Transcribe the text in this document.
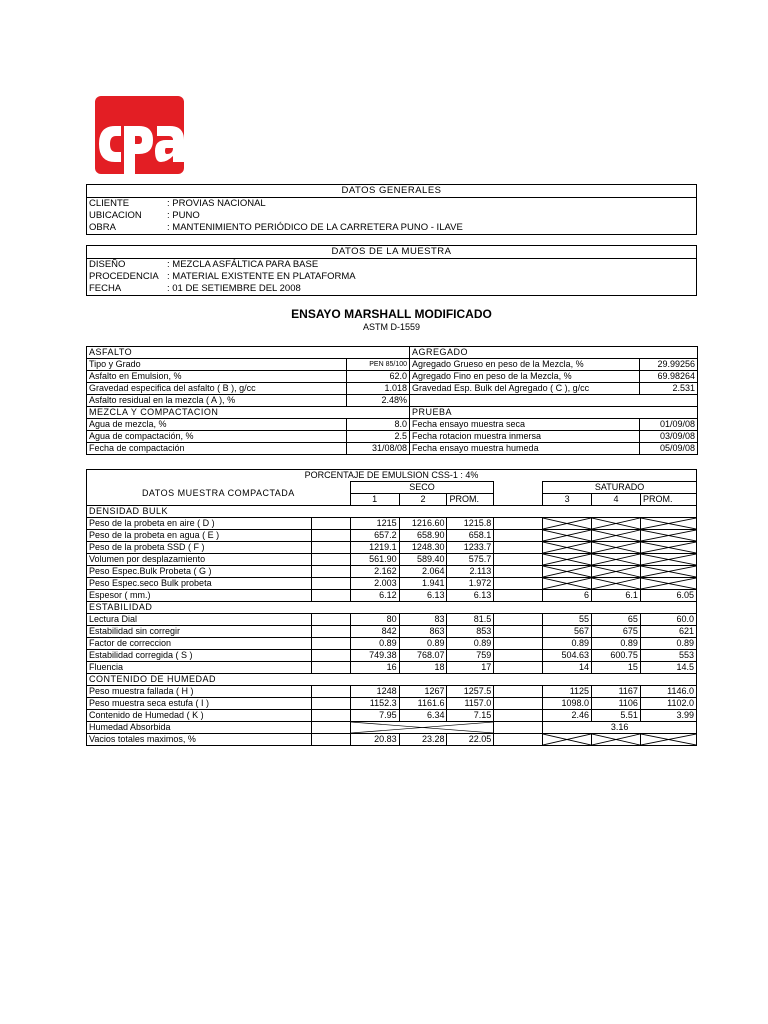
DATOS GENERALES
CLIENTE	: PROVIAS NACIONAL
UBICACION	: PUNO
OBRA	: MANTENIMIENTO PERIÓDICO DE LA CARRETERA PUNO - ILAVE
DATOS DE LA MUESTRA
DISEÑO	: MEZCLA ASFÁLTICA PARA BASE
PROCEDENCIA : MATERIAL EXISTENTE EN PLATAFORMA
FECHA	: 01 DE SETIEMBRE DEL 2008
ENSAYO MARSHALL MODIFICADO
ASTM D-1559
ASFALTO		AGREGADO	
Tipo y Grado	PEN 85/100	Agregado Grueso en peso de la Mezcla, %	29.99256
Asfalto en Emulsion, %	62.0	Agregado Fino en peso de la Mezcla, %	69.98264
Gravedad especifica del asfalto ( B ), g/cc	1.018	Gravedad Esp. Bulk del Agregado ( C ), g/cc	2.531
Asfalto residual en la mezcla ( A ), %	2.48%		
MEZCLA Y COMPACTACION		PRUEBA	
Agua de mezcla, %	8.0	Fecha ensayo muestra seca	01/09/08
Agua de compactación, %	2.5	Fecha rotacion muestra inmersa	03/09/08
Fecha de compactación	31/08/08	Fecha ensayo muestra humeda	05/09/08
PORCENTAJE DE EMULSION CSS-1 : 4%								
DATOS MUESTRA COMPACTADA		SECO				SATURADO		
		1	2	PROM.		3	4	PROM.
DENSIDAD BULK								
Peso de la probeta en aire ( D )		1215	1216.60	1215.8		

Peso de la probeta en agua ( E )		657.2	658.90	658.1		

Peso de la probeta SSD ( F )		1219.1	1248.30	1233.7		

Volumen por desplazamiento		561.90	589.40	575.7		

Peso Espec.Bulk Probeta ( G )		2.162	2.064	2.113		

Peso Espec.seco Bulk probeta		2.003	1.941	1.972		

Espesor ( mm.)		6.12	6.13	6.13		6	6.1	6.05
ESTABILIDAD								
Lectura Dial		80	83	81.5		55	65	60.0
Estabilidad sin corregir		842	863	853		567	675	621
Factor de correccion		0.89	0.89	0.89		0.89	0.89	0.89
Estabilidad corregida ( S )		749.38	768.07	759		504.63	600.75	553
Fluencia		16	18	17		14	15	14.5
CONTENIDO DE HUMEDAD								
Peso muestra fallada ( H )		1248	1267	1257.5		1125	1167	1146.0
Peso muestra seca estufa ( I )		1152.3	1161.6	1157.0		1098.0	1106	1102.0
Contenido de Humedad ( K )		7.95	6.34	7.15		2.46	5.51	3.99
Humedad Absorbida						3.16		
Vacios totales maximos, %		20.83	23.28	22.05		
